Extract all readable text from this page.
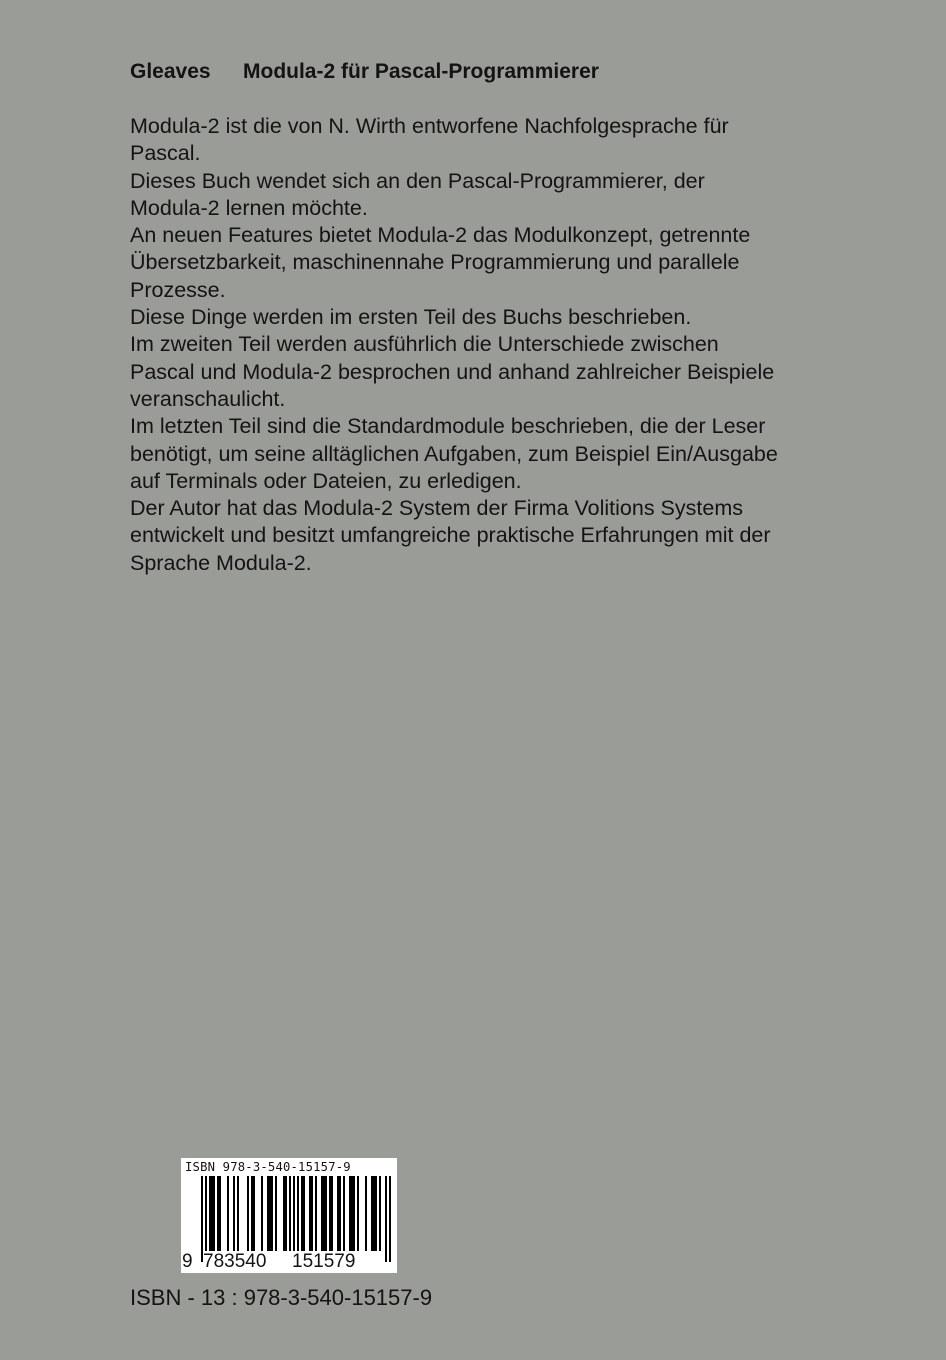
Gleaves Modula-2 für Pascal-Programmierer

Modula-2 ist die von N. Wirth entworfene Nachfolgesprache für
Pascal.

Dieses Buch wendet sich an den Pascal-Programmierer, der
Modula-2 lernen möchte.

An neuen Features bietet Modula-2 das Modulkonzept, getrennte
Übersetzbarkeit, maschinennahe Programmierung und parallele
Prozesse.

Diese Dinge werden im ersten Teil des Buchs beschrieben.

Im zweiten Teil werden ausführlich die Unterschiede zwischen
Pascal und Modula-2 besprochen und anhand zahlreicher Beispiele
veranschaulicht.

Im letzten Teil sind die Standardmodule beschrieben, die der Leser
benötigt, um seine alltäglichen Aufgaben, zum Beispiel Ein/Ausgabe
auf Terminals oder Dateien, zu erledigen.

Der Autor hat das Modula-2 System der Firma Volitions Systems
entwickelt und besitzt umfangreiche praktische Erfahrungen mit der
Sprache Modula-2.

ISBN 978-3-540-15157-9
9 783540 151579
ISBN - 13 : 978-3-540-15157-9
